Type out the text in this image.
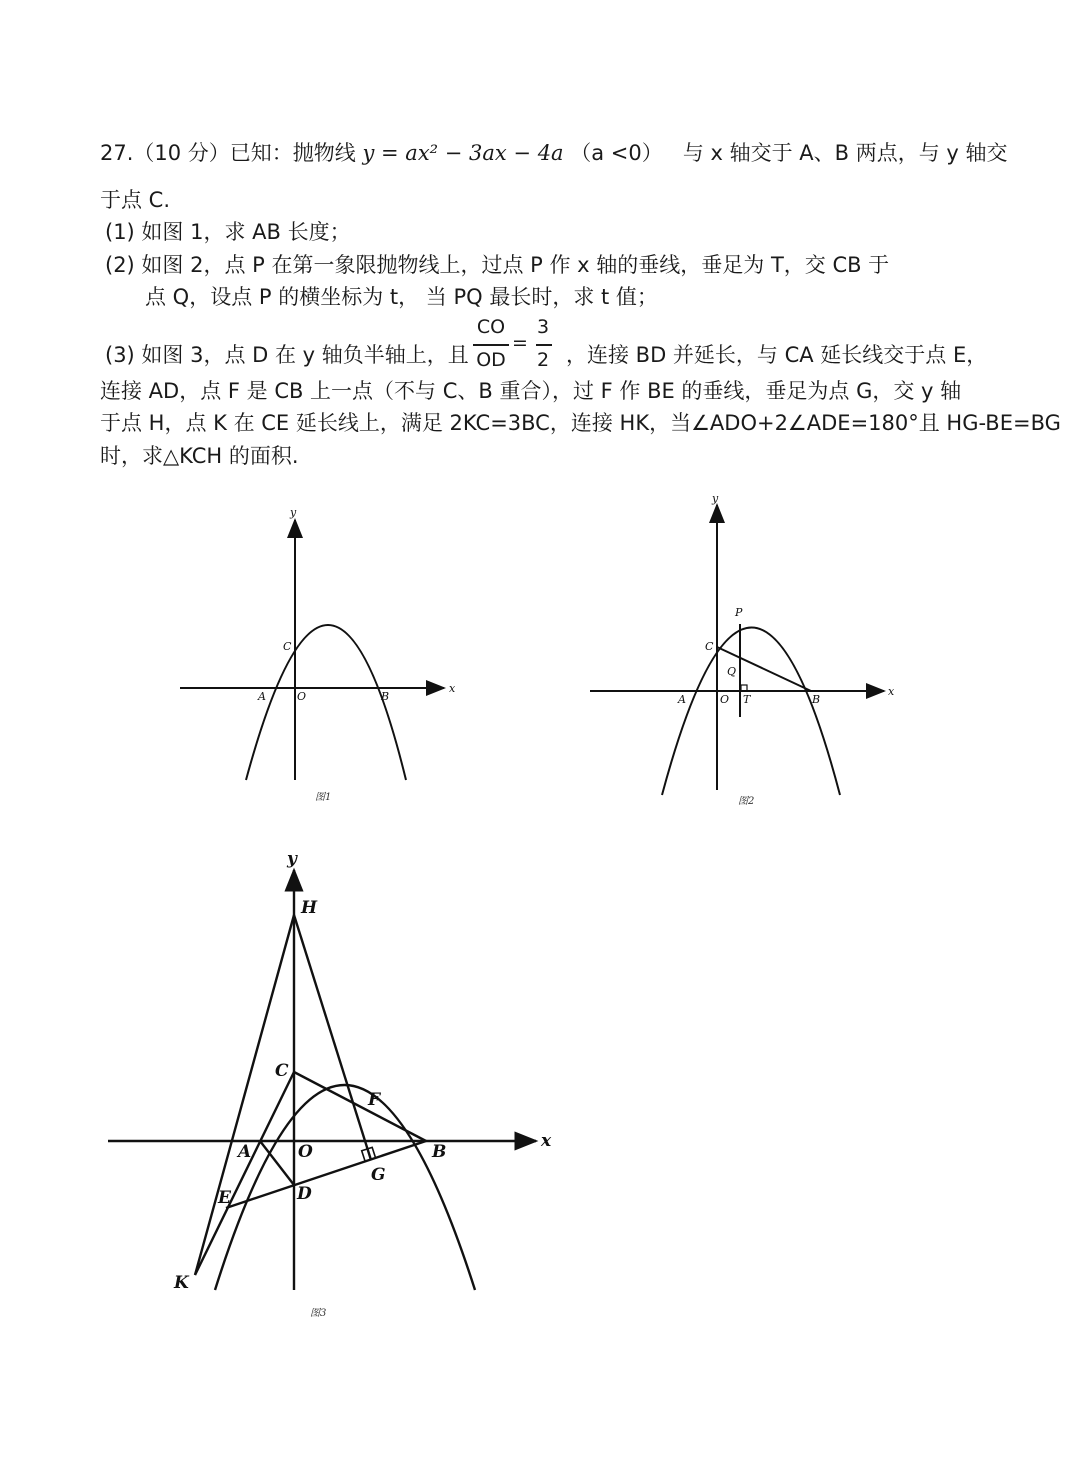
27.（10 分）已知：抛物线 y = ax² − 3ax − 4a （a <0） 与 x 轴交于 A、B 两点，与 y 轴交
于点 C.
(1) 如图 1，求 AB 长度；
(2) 如图 2，点 P 在第一象限抛物线上，过点 P 作 x 轴的垂线，垂足为 T，交 CB 于
点 Q，设点 P 的横坐标为 t， 当 PQ 最长时，求 t 值；
(3) 如图 3，点 D 在 y 轴负半轴上，且
CO
OD
=
3
2 ，连接 BD 并延长，与 CA 延长线交于点 E，
连接 AD，点 F 是 CB 上一点（不与 C、B 重合），过 F 作 BE 的垂线，垂足为点 G，交 y 轴
于点 H，点 K 在 CE 延长线上，满足 2KC=3BC，连接 HK，当∠ADO+2∠ADE=180°且 HG-BE=BG
时，求△KCH 的面积.
x
y
A	O	B
C
图1
x
y
A	O T	B
C
P
Q
图2
x
y
H
C
F
A	O	B
G
D
E
K
图3
